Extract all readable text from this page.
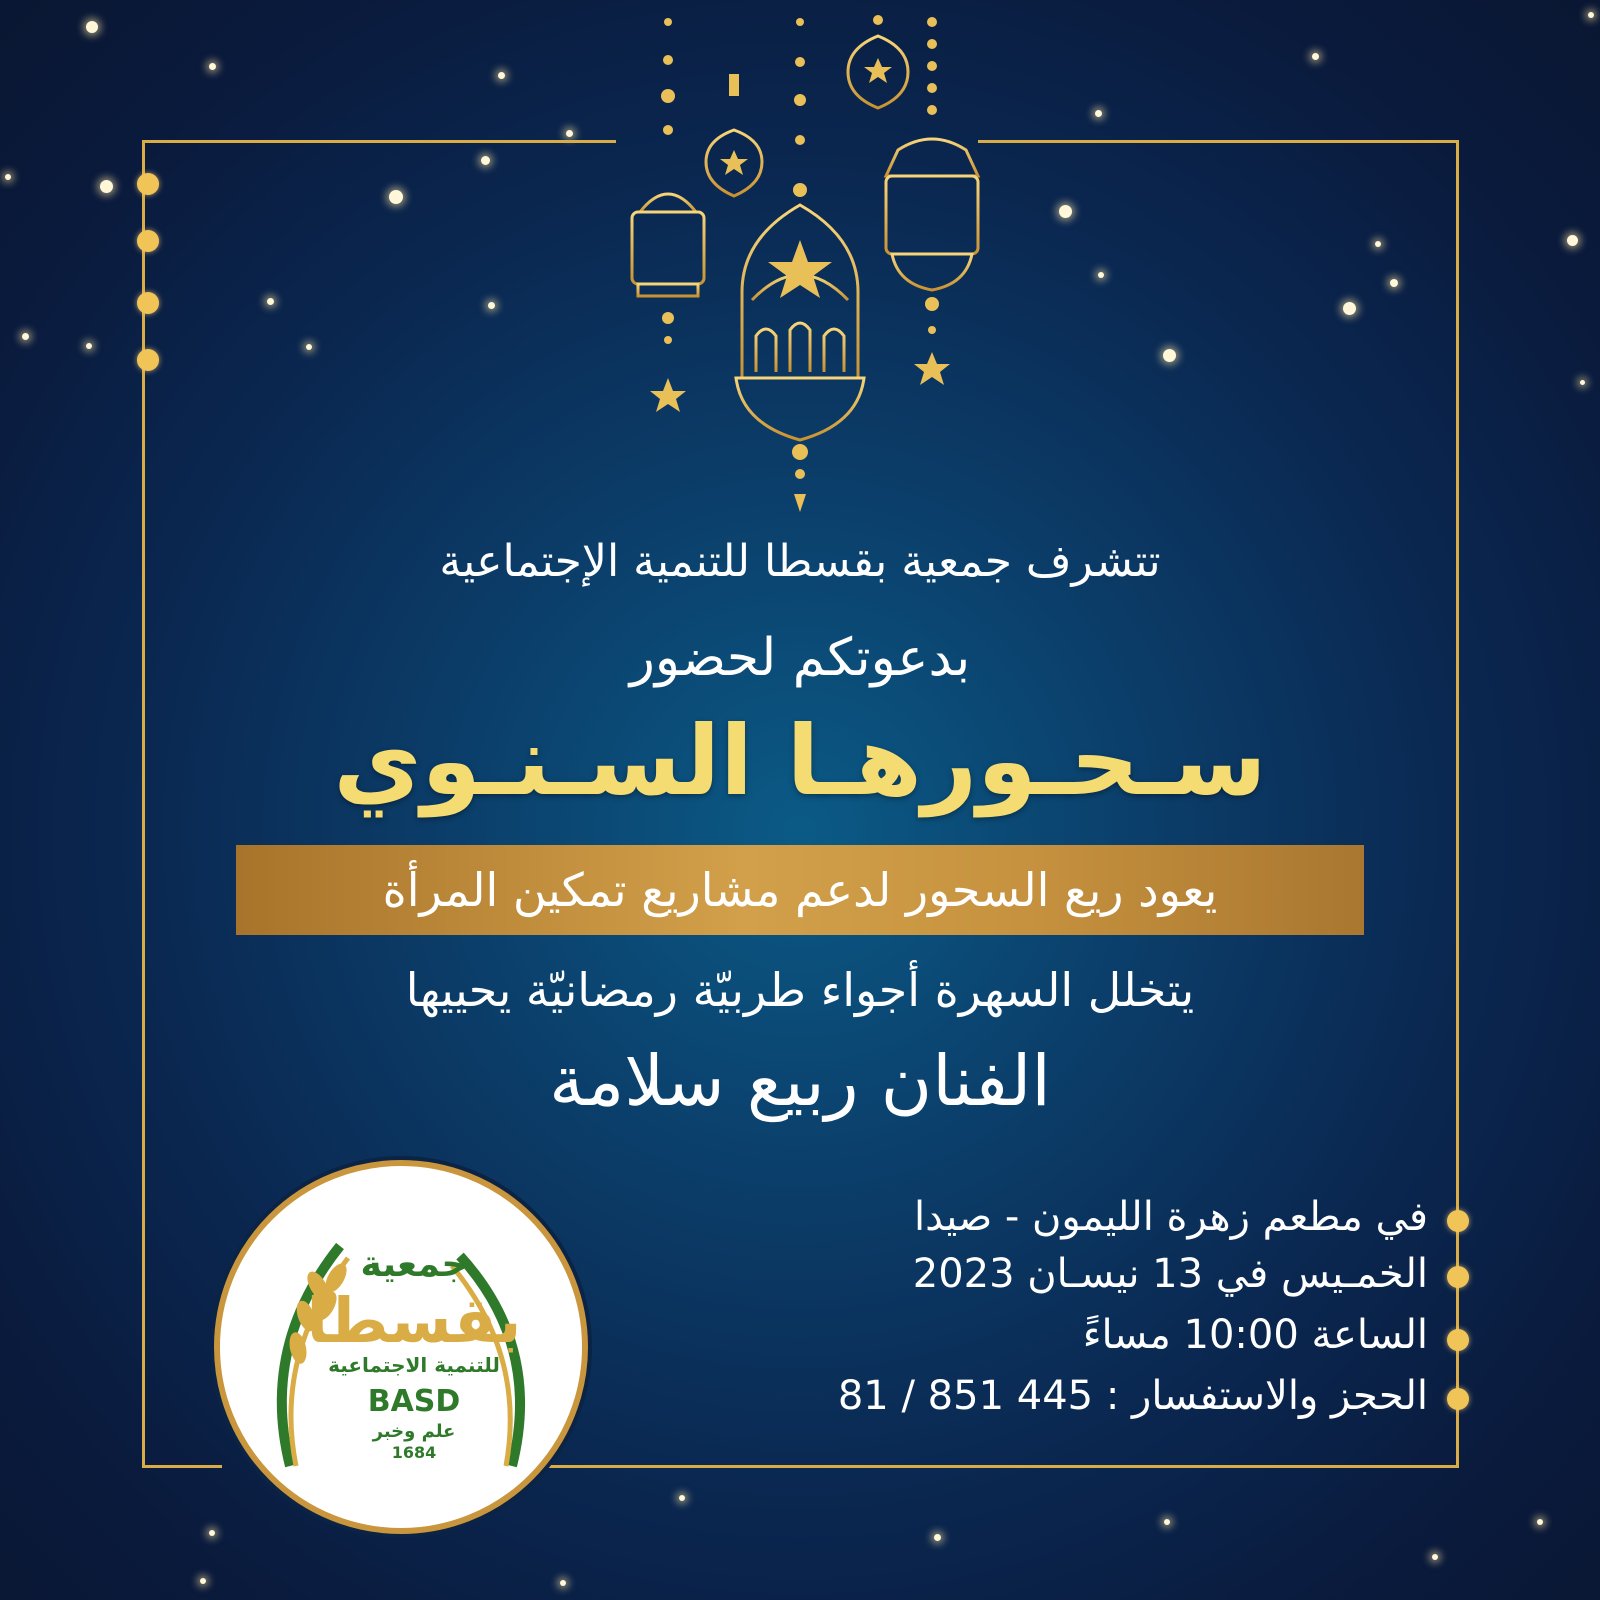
تتشرف جمعية بقسطا للتنمية الإجتماعية
بدعوتكم لحضور
سـحـورهـا السـنـوي
يعود ريع السحور لدعم مشاريع تمكين المرأة
يتخلل السهرة أجواء طربيّة رمضانيّة يحييها
الفنان ربيع سلامة
في مطعم زهرة الليمون - صيدا
الخمـيس في 13 نيسـان 2023
الساعة 10:00 مساءً
الحجز والاستفسار : 445 851 / 81
جمعية
بقسطا
للتنمية الاجتماعية
BASD
علم وخبر
1684
